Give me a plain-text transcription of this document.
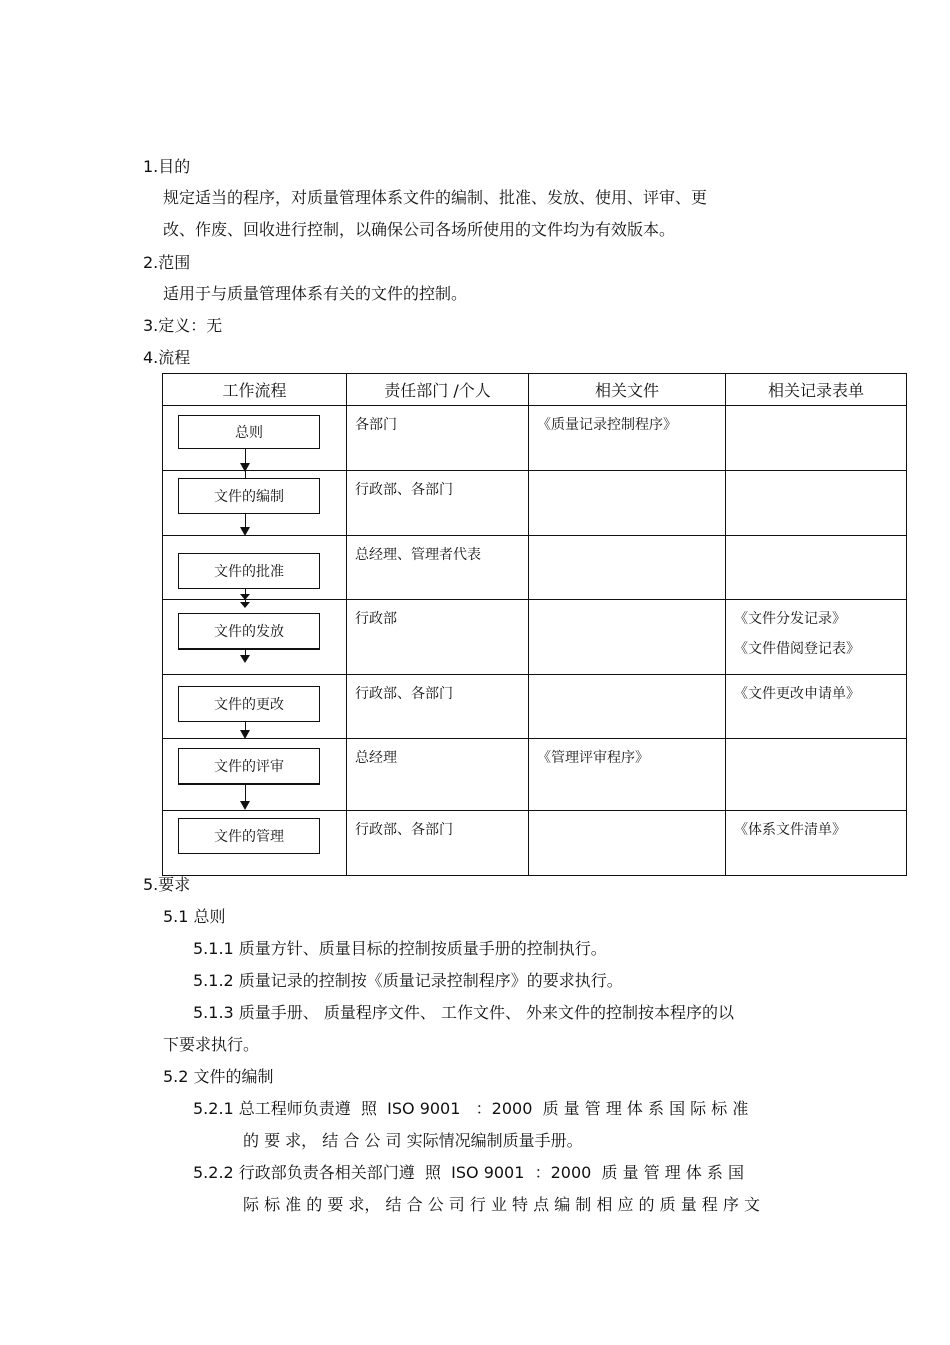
1.目的
规定适当的程序，对质量管理体系文件的编制、批准、发放、使用、评审、更
改、作废、回收进行控制，以确保公司各场所使用的文件均为有效版本。
2.范围
适用于与质量管理体系有关的文件的控制。
3.定义：无
4.流程
工作流程	责任部门 /个人	相关文件	相关记录表单

总则	各部门	《质量记录控制程序》	

文件的编制	行政部、各部门		

文件的批准	总经理、管理者代表		

文件的发放	行政部		《文件分发记录》
《文件借阅登记表》

文件的更改	行政部、各部门		《文件更改申请单》

文件的评审	总经理	《管理评审程序》	

文件的管理	行政部、各部门		《体系文件清单》
5.要求
5.1 总则
5.1.1 质量方针、质量目标的控制按质量手册的控制执行。
5.1.2 质量记录的控制按《质量记录控制程序》的要求执行。
5.1.3 质量手册、 质量程序文件、 工作文件、 外来文件的控制按本程序的以
下要求执行。
5.2 文件的编制
5.2.1 总工程师负责遵  照  ISO 9001   ：2000  质 量 管 理 体 系 国 际 标 准
的 要 求， 结 合 公 司 实际情况编制质量手册。
5.2.2 行政部负责各相关部门遵  照  ISO 9001  ：2000  质 量 管 理 体 系 国
际 标 准 的 要 求， 结 合 公 司 行 业 特 点 编 制 相 应 的 质 量 程 序 文
